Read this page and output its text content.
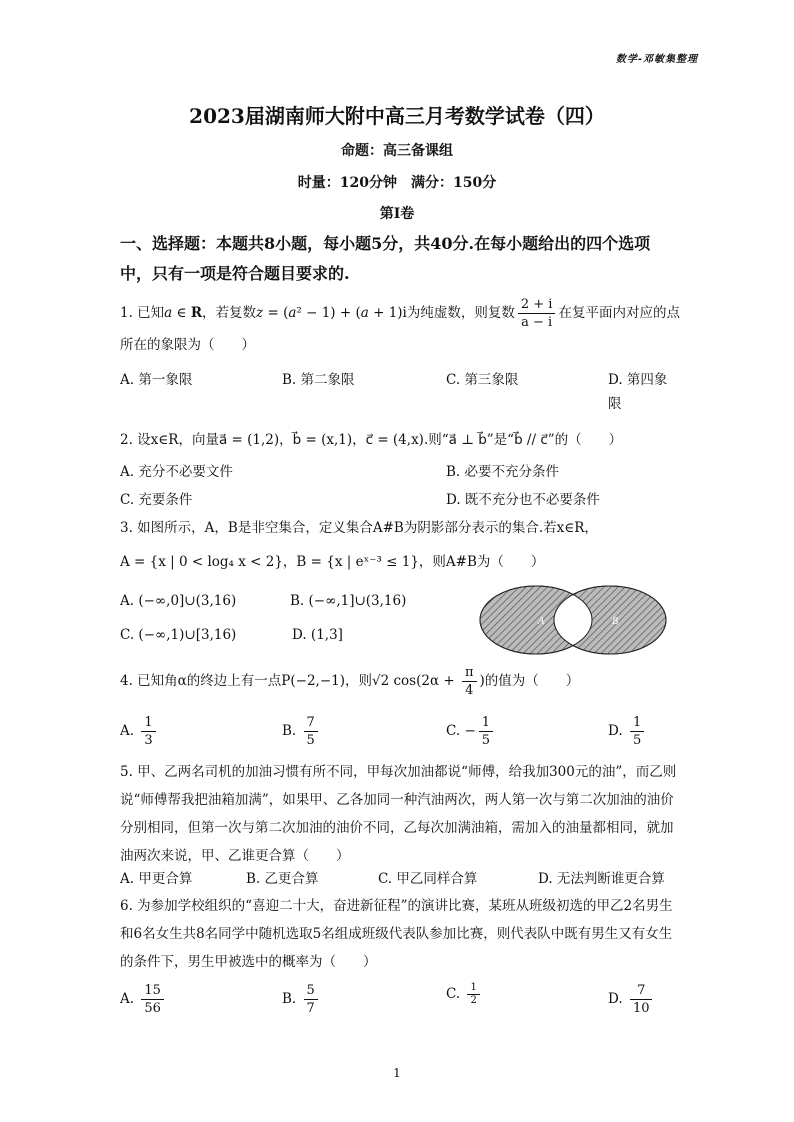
数学-邓敏集整理
2023届湖南师大附中高三月考数学试卷（四）
命题：高三备课组
时量：120分钟　满分：150分
第Ⅰ卷
一、选择题：本题共8小题，每小题5分，共40分.在每小题给出的四个选项中，只有一项是符合题目要求的.
1. 已知a ∈ R，若复数z = (a² − 1) + (a + 1)i为纯虚数，则复数 $\frac{2 + i}{a - i}$ 在复平面内对应的点所在的象限为（　　）
A. 第一象限	B. 第二象限	C. 第三象限	D. 第四象限
2. 设x∈R，向量a⃗ = (1,2)，b⃗ = (x,1)，c⃗ = (4,x).则“a⃗ ⊥ b⃗”是“b⃗ // c⃗”的（　　）
A. 充分不必要文件	B. 必要不充分条件
C. 充要条件	D. 既不充分也不必要条件
3. 如图所示，A，B是非空集合，定义集合A#B为阴影部分表示的集合.若x∈R，
A = {x | 0 < log₄ x < 2}，B = {x | eˣ⁻³ ≤ 1}，则A#B为（　　）
A. (−∞,0]∪(3,16)	B. (−∞,1]∪(3,16)
C. (−∞,1)∪[3,16)	D. (1,3]
A	B
4. 已知角α的终边上有一点P(−2,−1)，则√2 $\cos(2\alpha + \frac{\pi}{4}$ )的值为（　　）
A. $\frac{1}{3}$	B. $\frac{7}{5}$	C. − $\frac{1}{5}$	D. $\frac{1}{5}$
5. 甲、乙两名司机的加油习惯有所不同，甲每次加油都说“师傅，给我加300元的油”，而乙则说“师傅帮我把油箱加满”，如果甲、乙各加同一种汽油两次，两人第一次与第二次加油的油价分别相同，但第一次与第二次加油的油价不同，乙每次加满油箱，需加入的油量都相同，就加油两次来说，甲、乙谁更合算（　　）
A. 甲更合算	B. 乙更合算	C. 甲乙同样合算	D. 无法判断谁更合算
6. 为参加学校组织的“喜迎二十大，奋进新征程”的演讲比赛，某班从班级初选的甲乙2名男生和6名女生共8名同学中随机选取5名组成班级代表队参加比赛，则代表队中既有男生又有女生的条件下，男生甲被选中的概率为（　　）
A. $\frac{15}{56}$	B. $\frac{5}{7}$	C. $\frac{1}{2}$	D. $\frac{7}{10}$
1
